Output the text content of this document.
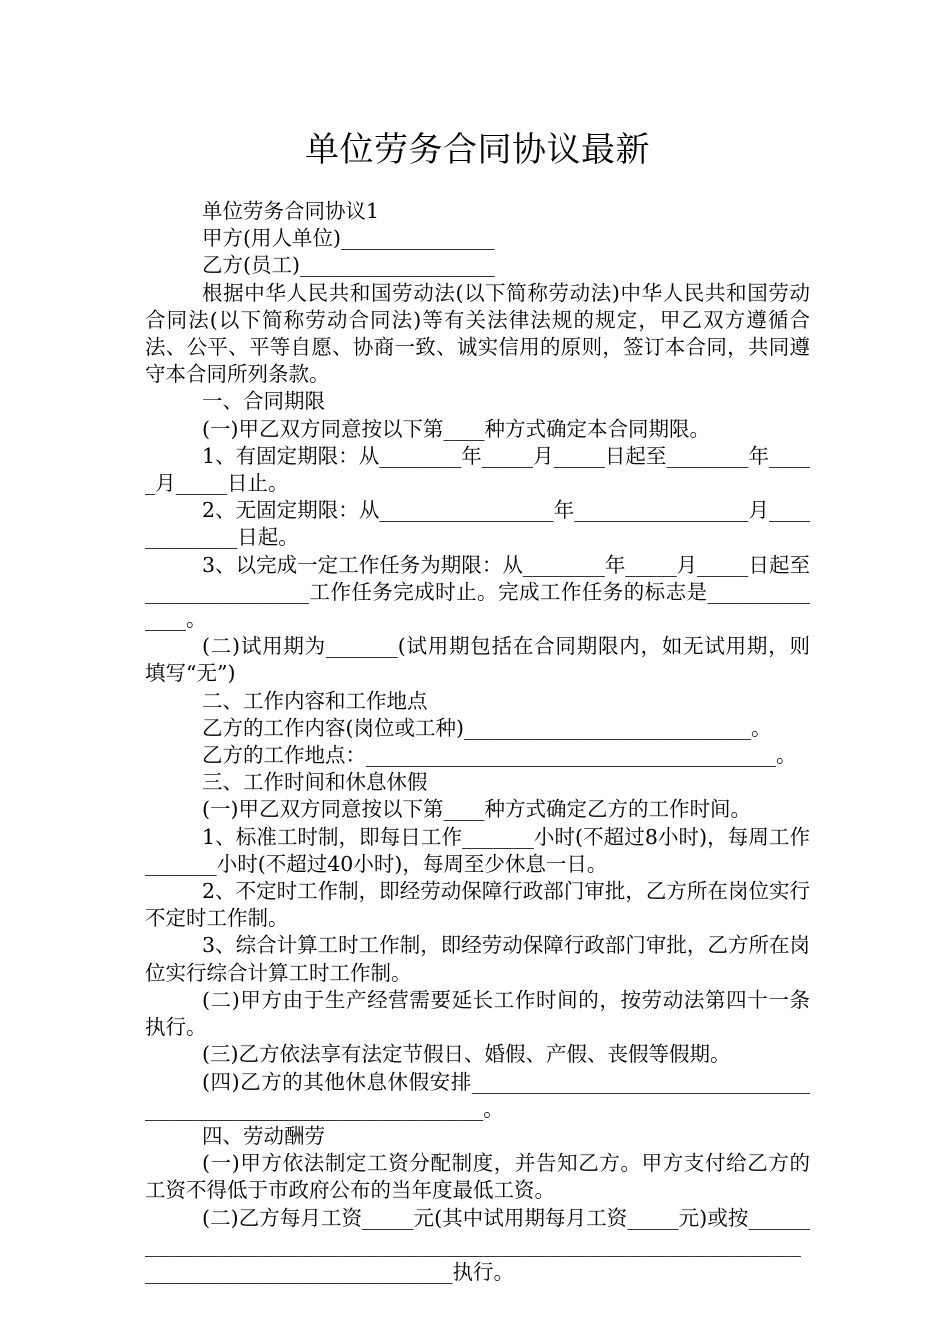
单位劳务合同协议最新

单位劳务合同协议1

甲方(用人单位)_______________

乙方(员工)___________________

根据中华人民共和国劳动法(以下简称劳动法)中华人民共和国劳动合同法(以下简称劳动合同法)等有关法律法规的规定，甲乙双方遵循合法、公平、平等自愿、协商一致、诚实信用的原则，签订本合同，共同遵守本合同所列条款。

一、合同期限

(一)甲乙双方同意按以下第____种方式确定本合同期限。

1、有固定期限：从________年_____月_____日起至________年_____月_____日止。

2、无固定期限：从_________________年_________________月_____________日起。

3、以完成一定工作任务为期限：从________年_____月_____日起至________________工作任务完成时止。完成工作任务的标志是______________。

(二)试用期为_______(试用期包括在合同期限内，如无试用期，则填写“无”)

二、工作内容和工作地点

乙方的工作内容(岗位或工种)____________________________。

乙方的工作地点：________________________________________。

三、工作时间和休息休假

(一)甲乙双方同意按以下第____种方式确定乙方的工作时间。

1、标准工时制，即每日工作_______小时(不超过8小时)，每周工作_______小时(不超过40小时)，每周至少休息一日。

2、不定时工作制，即经劳动保障行政部门审批，乙方所在岗位实行不定时工作制。

3、综合计算工时工作制，即经劳动保障行政部门审批，乙方所在岗位实行综合计算工时工作制。

(二)甲方由于生产经营需要延长工作时间的，按劳动法第四十一条执行。

(三)乙方依法享有法定节假日、婚假、产假、丧假等假期。

(四)乙方的其他休息休假安排__________________________________________________________________。

四、劳动酬劳

(一)甲方依法制定工资分配制度，并告知乙方。甲方支付给乙方的工资不得低于市政府公布的当年度最低工资。

(二)乙方每月工资_____元(其中试用期每月工资_____元)或按____________________________________________________________________________________________________执行。
